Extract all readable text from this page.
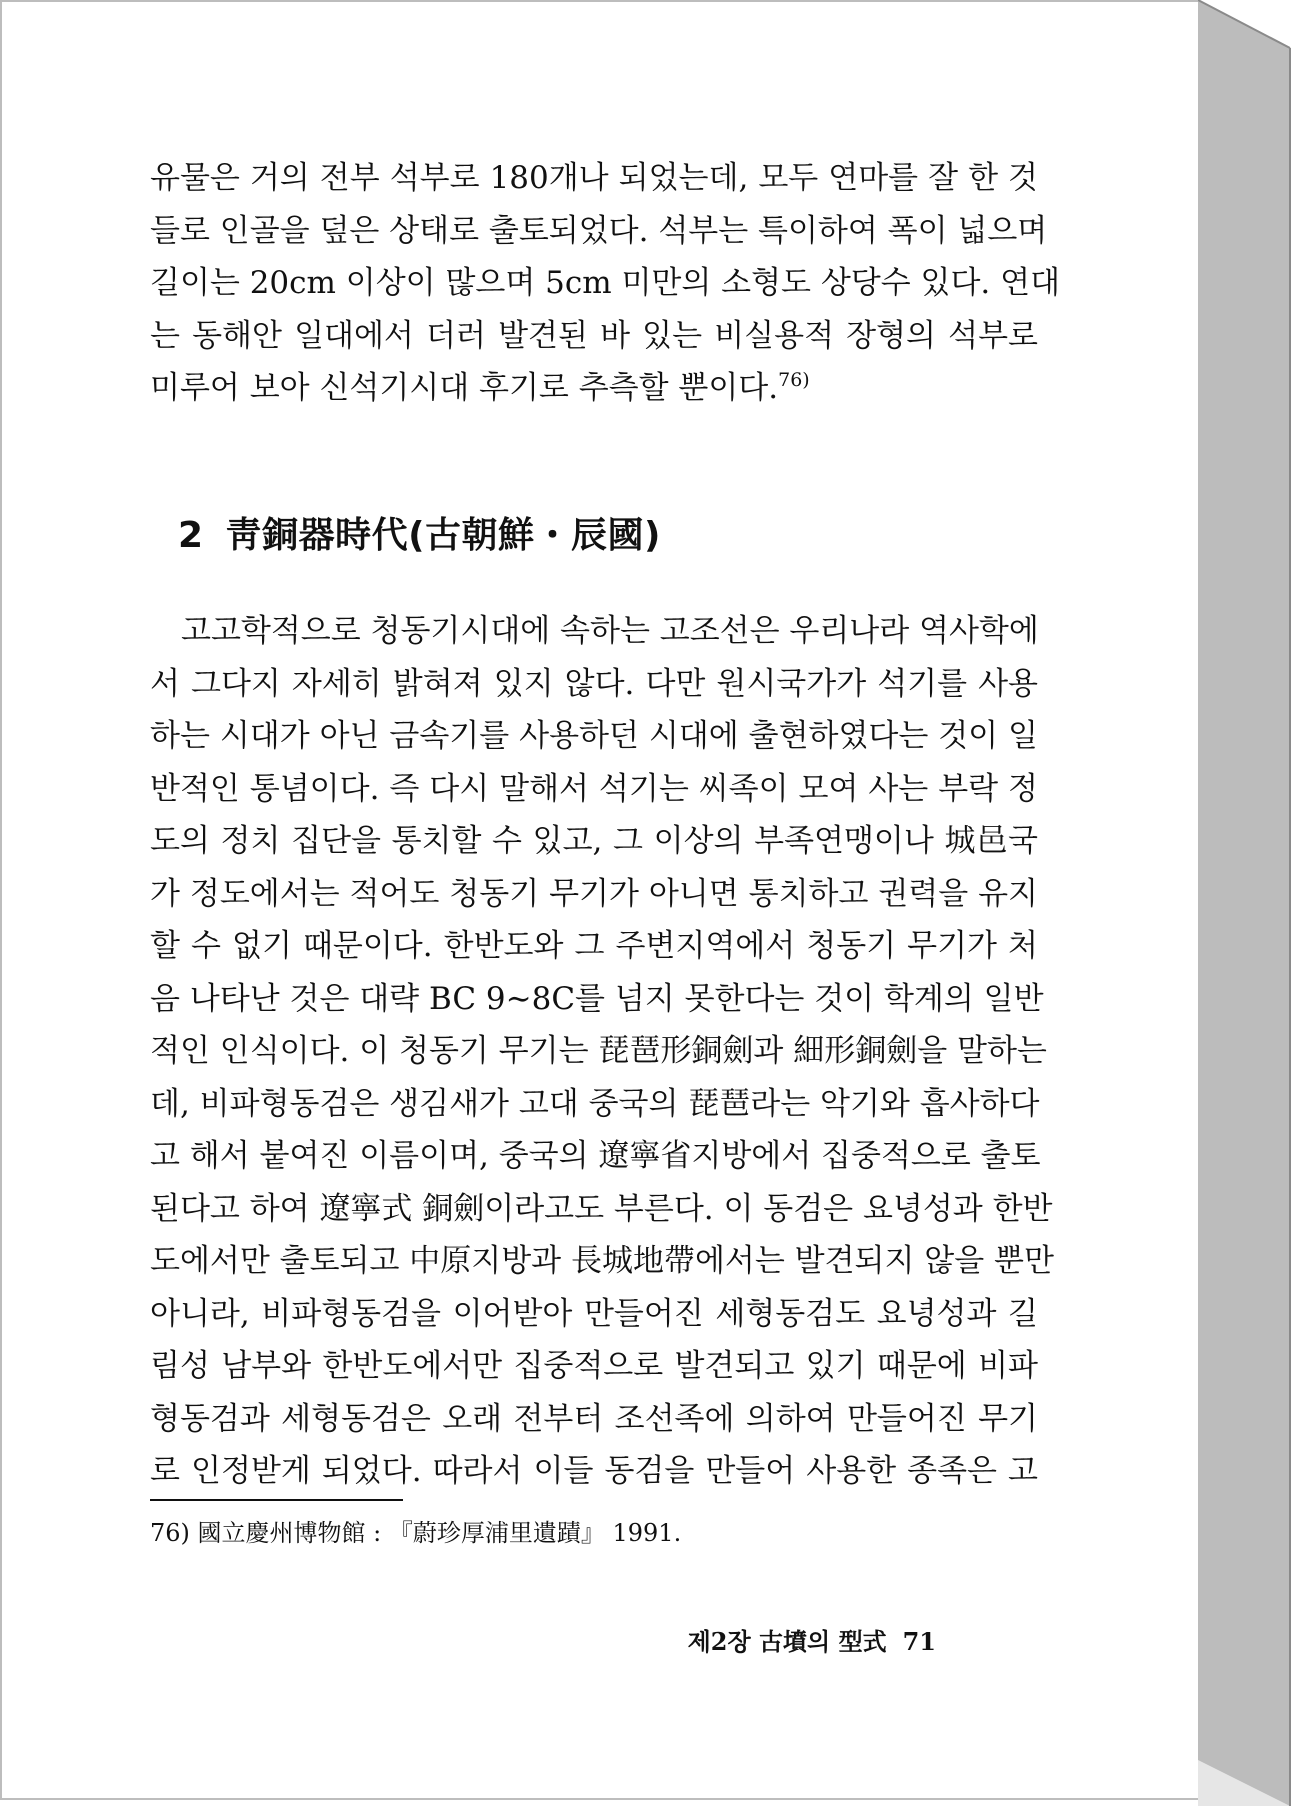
유물은 거의 전부 석부로 180개나 되었는데, 모두 연마를 잘 한 것

들로 인골을 덮은 상태로 출토되었다. 석부는 특이하여 폭이 넓으며

길이는 20cm 이상이 많으며 5cm 미만의 소형도 상당수 있다. 연대

는 동해안 일대에서 더러 발견된 바 있는 비실용적 장형의 석부로

미루어 보아 신석기시대 후기로 추측할 뿐이다.$^{76)}$

2 靑銅器時代(古朝鮮・辰國)

고고학적으로 청동기시대에 속하는 고조선은 우리나라 역사학에

서 그다지 자세히 밝혀져 있지 않다. 다만 원시국가가 석기를 사용

하는 시대가 아닌 금속기를 사용하던 시대에 출현하였다는 것이 일

반적인 통념이다. 즉 다시 말해서 석기는 씨족이 모여 사는 부락 정

도의 정치 집단을 통치할 수 있고, 그 이상의 부족연맹이나 城邑국

가 정도에서는 적어도 청동기 무기가 아니면 통치하고 권력을 유지

할 수 없기 때문이다. 한반도와 그 주변지역에서 청동기 무기가 처

음 나타난 것은 대략 BC 9∼8C를 넘지 못한다는 것이 학계의 일반

적인 인식이다. 이 청동기 무기는 琵琶形銅劍과 細形銅劍을 말하는

데, 비파형동검은 생김새가 고대 중국의 琵琶라는 악기와 흡사하다

고 해서 붙여진 이름이며, 중국의 遼寧省지방에서 집중적으로 출토

된다고 하여 遼寧式 銅劍이라고도 부른다. 이 동검은 요녕성과 한반

도에서만 출토되고 中原지방과 長城地帶에서는 발견되지 않을 뿐만

아니라, 비파형동검을 이어받아 만들어진 세형동검도 요녕성과 길

림성 남부와 한반도에서만 집중적으로 발견되고 있기 때문에 비파

형동검과 세형동검은 오래 전부터 조선족에 의하여 만들어진 무기

로 인정받게 되었다. 따라서 이들 동검을 만들어 사용한 종족은 고

76) 國立慶州博物館 : 『蔚珍厚浦里遺蹟』 1991.
제2장 古墳의 型式 71
